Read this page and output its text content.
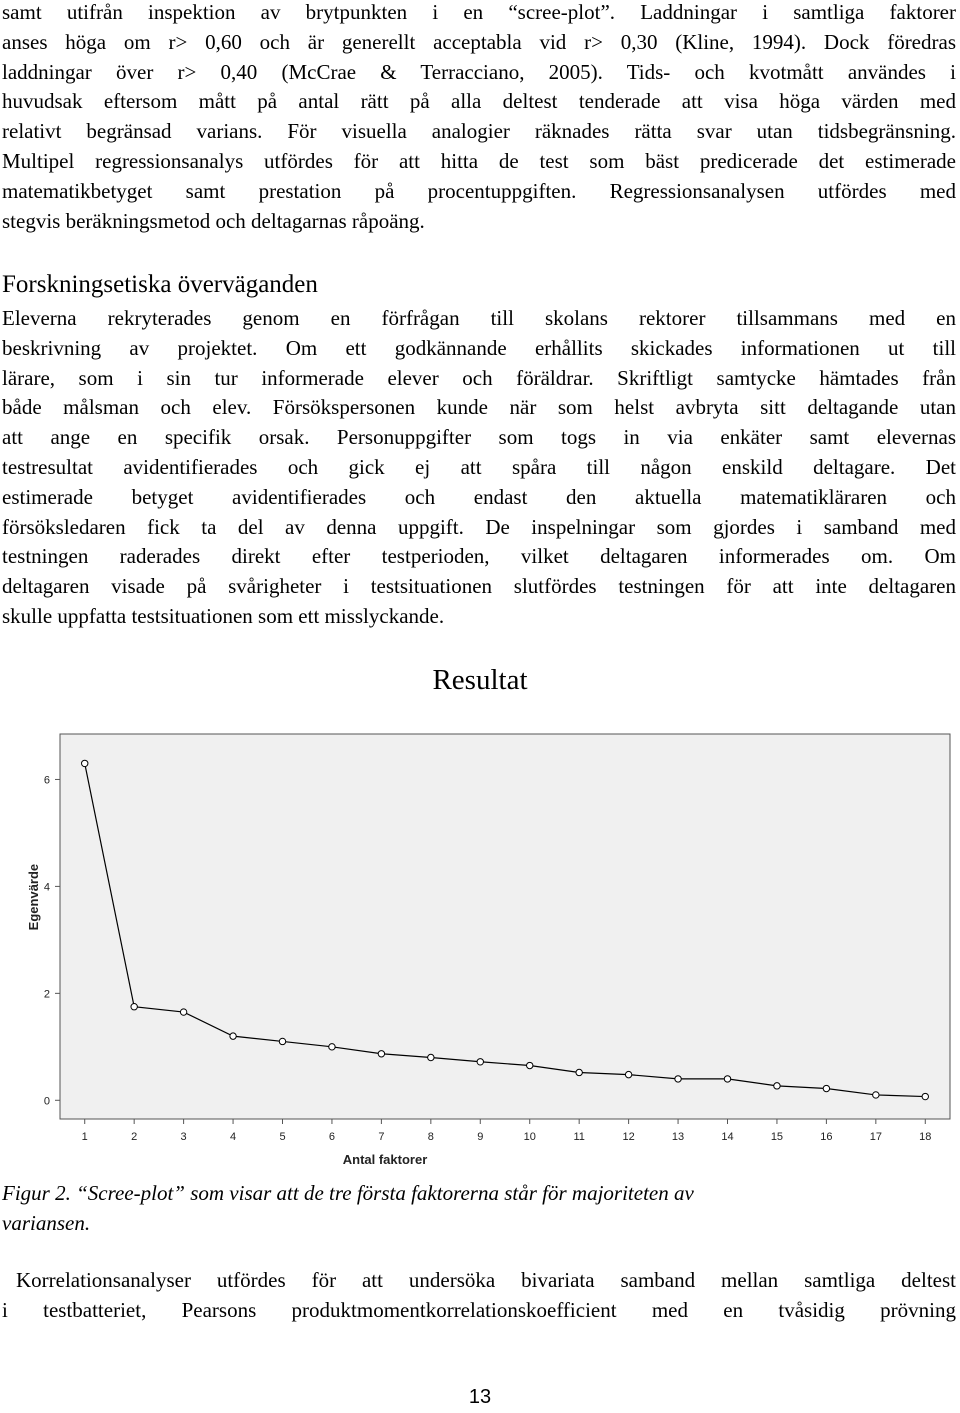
samt utifrån inspektion av brytpunkten i en “scree-plot”. Laddningar i samtliga faktorer
anses höga om r> 0,60 och är generellt acceptabla vid r> 0,30 (Kline, 1994). Dock föredras
laddningar över r> 0,40 (McCrae & Terracciano, 2005). Tids- och kvotmått användes i
huvudsak eftersom mått på antal rätt på alla deltest tenderade att visa höga värden med
relativt begränsad varians. För visuella analogier räknades rätta svar utan tidsbegränsning.
Multipel regressionsanalys utfördes för att hitta de test som bäst predicerade det estimerade
matematikbetyget samt prestation på procentuppgiften. Regressionsanalysen utfördes med
stegvis beräkningsmetod och deltagarnas råpoäng.
Forskningsetiska överväganden
Eleverna rekryterades genom en förfrågan till skolans rektorer tillsammans med en
beskrivning av projektet. Om ett godkännande erhållits skickades informationen ut till
lärare, som i sin tur informerade elever och föräldrar. Skriftligt samtycke hämtades från
både målsman och elev. Försökspersonen kunde när som helst avbryta sitt deltagande utan
att ange en specifik orsak. Personuppgifter som togs in via enkäter samt elevernas
testresultat avidentifierades och gick ej att spåra till någon enskild deltagare. Det
estimerade betyget avidentifierades och endast den aktuella matematikläraren och
försöksledaren fick ta del av denna uppgift. De inspelningar som gjordes i samband med
testningen raderades direkt efter testperioden, vilket deltagaren informerades om. Om
deltagaren visade på svårigheter i testsituationen slutfördes testningen för att inte deltagaren
skulle uppfatta testsituationen som ett misslyckande.
Resultat
0
2
4
6
1	2	3	4	5	6	7	8	9	10	11	12	13	14	15	16	17	18
Antal faktorer
Egenvärde
Figur 2. “Scree-plot” som visar att de tre första faktorerna står för majoriteten av
variansen.
Korrelationsanalyser utfördes för att undersöka bivariata samband mellan samtliga deltest
i testbatteriet, Pearsons produktmomentkorrelationskoefficient med en tvåsidig prövning
13
